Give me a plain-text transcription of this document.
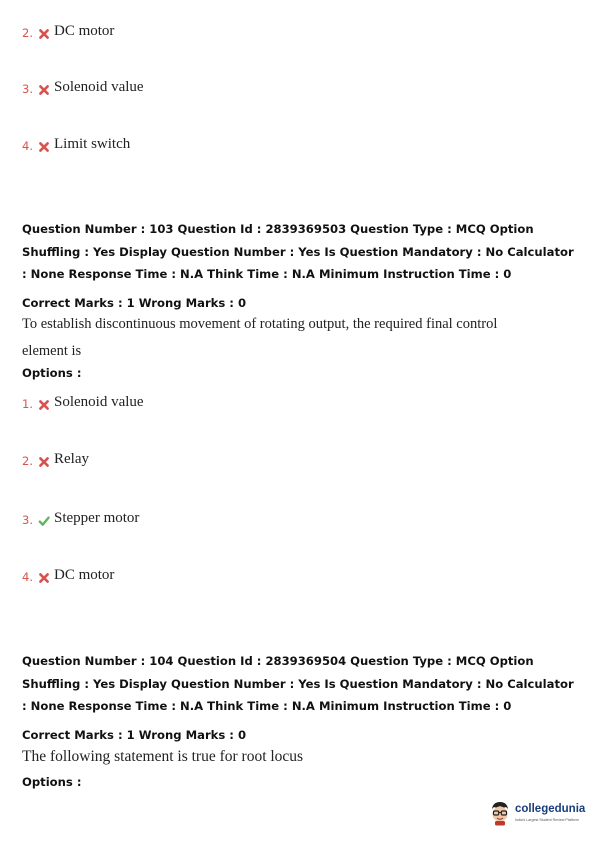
2. DC motor
3. Solenoid value
4. Limit switch
Question Number : 103 Question Id : 2839369503 Question Type : MCQ Option Shuffling : Yes Display Question Number : Yes Is Question Mandatory : No Calculator : None Response Time : N.A Think Time : N.A Minimum Instruction Time : 0
Correct Marks : 1 Wrong Marks : 0
To establish discontinuous movement of rotating output, the required final control
element is
Options :
1. Solenoid value
2. Relay
3. Stepper motor
4. DC motor
Question Number : 104 Question Id : 2839369504 Question Type : MCQ Option Shuffling : Yes Display Question Number : Yes Is Question Mandatory : No Calculator : None Response Time : N.A Think Time : N.A Minimum Instruction Time : 0
Correct Marks : 1 Wrong Marks : 0
The following statement is true for root locus
Options :
collegedunia
India's Largest Student Review Platform
